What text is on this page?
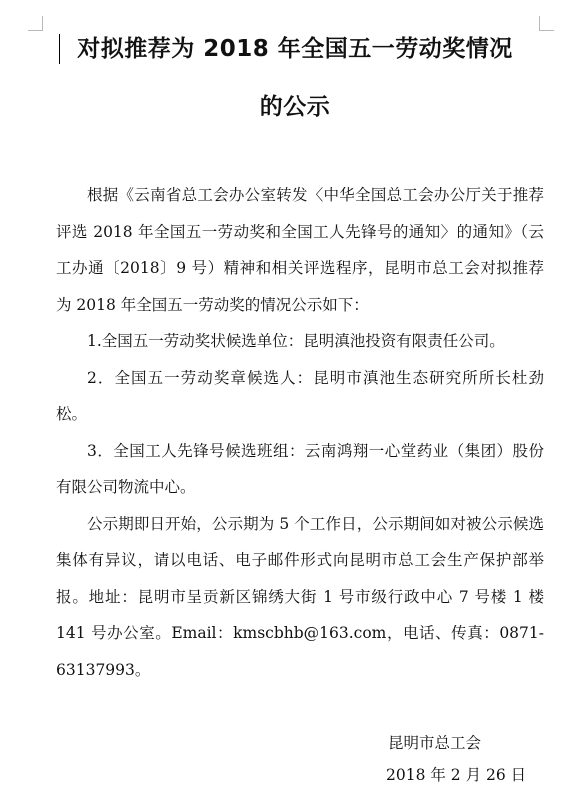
对拟推荐为 2018 年全国五一劳动奖情况
的公示

根据《云南省总工会办公室转发〈中华全国总工会办公厅关于推荐评选 2018 年全国五一劳动奖和全国工人先锋号的通知〉的通知》（云工办通〔2018〕9 号）精神和相关评选程序，昆明市总工会对拟推荐为 2018 年全国五一劳动奖的情况公示如下：

1.全国五一劳动奖状候选单位：昆明滇池投资有限责任公司。

2．全国五一劳动奖章候选人：昆明市滇池生态研究所所长杜劲松。

3．全国工人先锋号候选班组：云南鸿翔一心堂药业（集团）股份有限公司物流中心。

公示期即日开始，公示期为 5 个工作日，公示期间如对被公示候选集体有异议，请以电话、电子邮件形式向昆明市总工会生产保护部举报。地址：昆明市呈贡新区锦绣大街 1 号市级行政中心 7 号楼 1 楼 141 号办公室。Email：kmscbhb@163.com，电话、传真：0871-63137993。

昆明市总工会
2018 年 2 月 26 日
